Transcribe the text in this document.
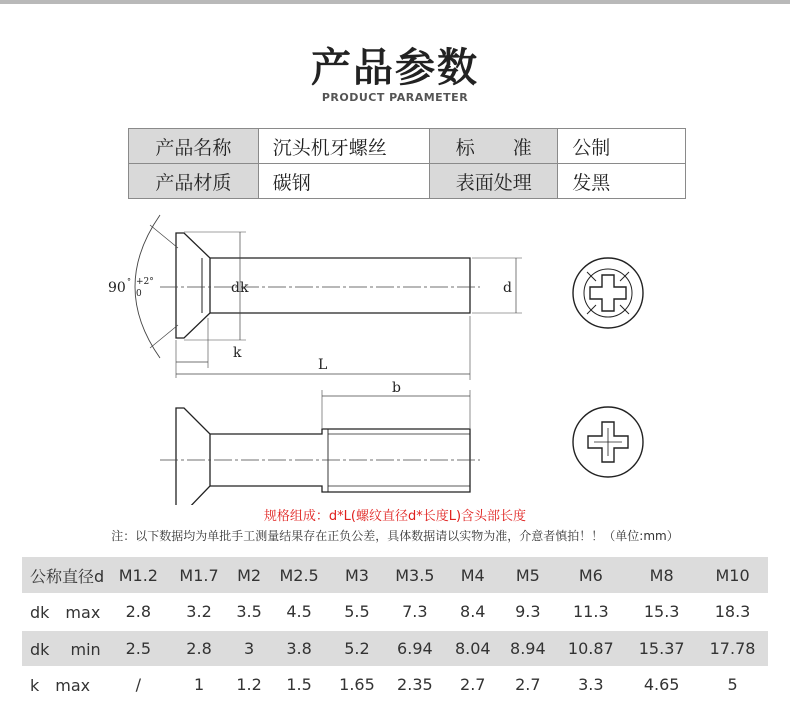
产品参数
PRODUCT PARAMETER
产品名称	沉头机牙螺丝	标　　准	公制
产品材质	碳钢	表面处理	发黑
90 ° +2°
0	dk	d
k
L
b
规格组成：d*L(螺纹直径d*长度L)含头部长度
注：以下数据均为单批手工测量结果存在正负公差，具体数据请以实物为准，介意者慎拍！！（单位:mm）
公称直径d	M1.2	M1.7	M2	M2.5	M3	M3.5	M4	M5	M6	M8	M10
dk　max	2.8	3.2	3.5	4.5	5.5	7.3	8.4	9.3	11.3	15.3	18.3
dk　 min	2.5	2.8	3	3.8	5.2	6.94	8.04	8.94	10.87	15.37	17.78
k　max	/	1	1.2	1.5	1.65	2.35	2.7	2.7	3.3	4.65	5
